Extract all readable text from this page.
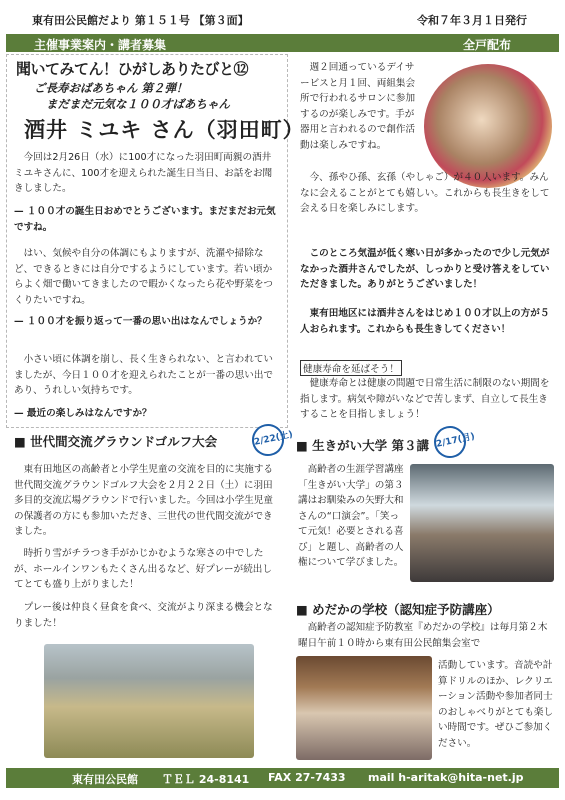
東有田公民館だより 第１５１号 【第３面】	令和７年３月１日発行
主催事業案内・講者募集	全戸配布
聞いてみてん！ひがしありたびと⑫
ご長寿おばあちゃん 第２弾！
まだまだ元気な１００才ばあちゃん
酒井 ミユキ さん（羽田町）
今回は2月26日（水）に100才になった羽田町両親の酒井ミユキさんに、100才を迎えられた誕生日当日、お話をお聞きしました。
— １００才の誕生日おめでとうございます。まだまだお元気ですね。
はい、気候や自分の体調にもよりますが、洗濯や掃除など、できるときには自分でするようにしています。若い頃からよく畑で働いてきましたので暇かくなったら花や野菜をつくりたいですね。
— １００才を振り返って一番の思い出はなんでしょうか？
小さい頃に体調を崩し、長く生きられない、と言われていましたが、今日１００才を迎えられたことが一番の思い出であり、うれしい気持ちです。
— 最近の楽しみはなんですか？
週２回通っているデイサービスと月１回、両組集会所で行われるサロンに参加するのが楽しみです。手が器用と言われるので創作活動は楽しみですね。
今、孫やひ孫、玄孫（やしゃご）が４０人います。みんなに会えることがとても嬉しい。これからも長生きをして会える日を楽しみにします。
このところ気温が低く寒い日が多かったので少し元気がなかった酒井さんでしたが、しっかりと受け答えをしていただきました。ありがとうございました！
東有田地区には酒井さんをはじめ１００才以上の方が５人おられます。これからも長生きしてください！
健康寿命を延ばそう！
健康寿命とは健康の問題で日常生活に制限のない期間を指します。病気や障がいなどで苦しまず、自立して長生きすることを目指しましょう！
■ 世代間交流グラウンドゴルフ大会	2/22(土)
東有田地区の高齢者と小学生児童の交流を目的に実施する世代間交流グラウンドゴルフ大会を２月２２日（土）に羽田多目的交流広場グラウンドで行いました。今回は小学生児童の保護者の方にも参加いただき、三世代の世代間交流ができました。
時折り雪がチラつき手がかじかむような寒さの中でしたが、ホールインワンもたくさん出るなど、好プレーが続出してとても盛り上がりました！
プレー後は仲良く昼食を食べ、交流がより深まる機会となりました！
■ 生きがい大学 第３講 2/17(月)
高齢者の生涯学習講座「生きがい大学」の第３講はお馴染みの矢野大和さんの“口演会”。「笑って元気！必要とされる喜び」と題し、高齢者の人権について学びました。
■ めだかの学校（認知症予防講座）
高齢者の認知症予防教室『めだかの学校』は毎月第２木曜日午前１０時から東有田公民館集会室で
活動しています。音読や計算ドリルのほか、レクリエーション活動や参加者同士のおしゃべりがとても楽しい時間です。ぜひご参加ください。
東有田公民館 ＴＥＬ 24-8141 FAX 27-7433 mail h-aritak@hita-net.jp
